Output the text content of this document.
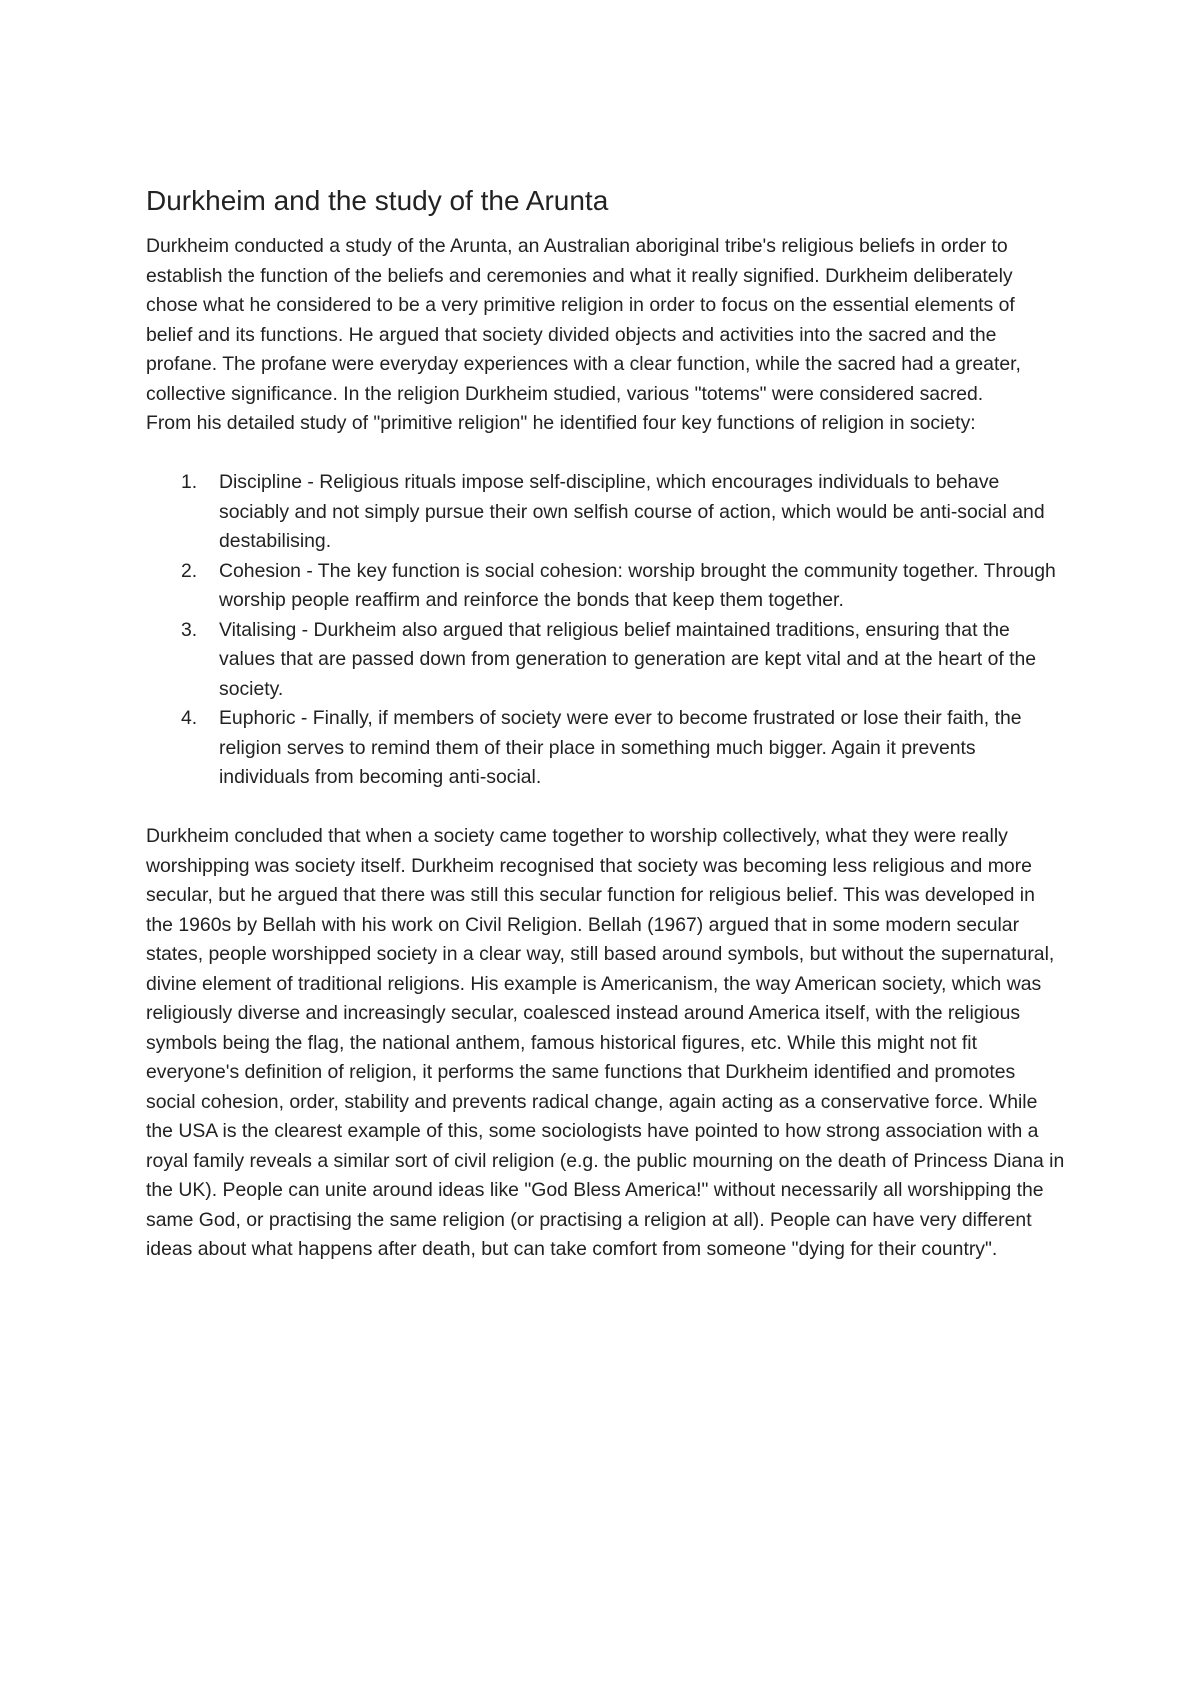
Durkheim and the study of the Arunta

Durkheim conducted a study of the Arunta, an Australian aboriginal tribe's religious beliefs in order to establish the function of the beliefs and ceremonies and what it really signified. Durkheim deliberately chose what he considered to be a very primitive religion in order to focus on the essential elements of belief and its functions. He argued that society divided objects and activities into the sacred and the profane. The profane were everyday experiences with a clear function, while the sacred had a greater, collective significance. In the religion Durkheim studied, various "totems" were considered sacred.
From his detailed study of "primitive religion" he identified four key functions of religion in society:

1. Discipline - Religious rituals impose self-discipline, which encourages individuals to behave sociably and not simply pursue their own selfish course of action, which would be anti-social and destabilising.
2. Cohesion - The key function is social cohesion: worship brought the community together. Through worship people reaffirm and reinforce the bonds that keep them together.
3. Vitalising - Durkheim also argued that religious belief maintained traditions, ensuring that the values that are passed down from generation to generation are kept vital and at the heart of the society.
4. Euphoric - Finally, if members of society were ever to become frustrated or lose their faith, the religion serves to remind them of their place in something much bigger. Again it prevents individuals from becoming anti-social.

Durkheim concluded that when a society came together to worship collectively, what they were really worshipping was society itself. Durkheim recognised that society was becoming less religious and more secular, but he argued that there was still this secular function for religious belief. This was developed in the 1960s by Bellah with his work on Civil Religion. Bellah (1967) argued that in some modern secular states, people worshipped society in a clear way, still based around symbols, but without the supernatural, divine element of traditional religions. His example is Americanism, the way American society, which was religiously diverse and increasingly secular, coalesced instead around America itself, with the religious symbols being the flag, the national anthem, famous historical figures, etc. While this might not fit everyone's definition of religion, it performs the same functions that Durkheim identified and promotes social cohesion, order, stability and prevents radical change, again acting as a conservative force. While the USA is the clearest example of this, some sociologists have pointed to how strong association with a royal family reveals a similar sort of civil religion (e.g. the public mourning on the death of Princess Diana in the UK). People can unite around ideas like "God Bless America!" without necessarily all worshipping the same God, or practising the same religion (or practising a religion at all). People can have very different ideas about what happens after death, but can take comfort from someone "dying for their country".
